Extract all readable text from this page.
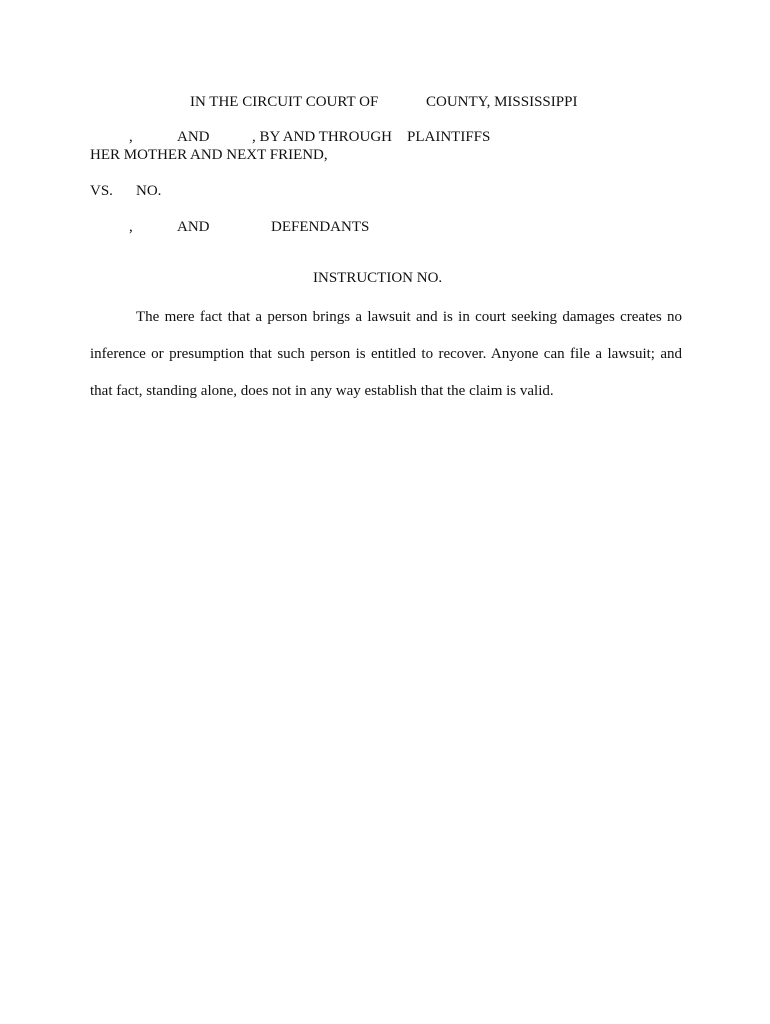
IN THE CIRCUIT COURT OF	COUNTY, MISSISSIPPI
,	AND	, BY AND THROUGH PLAINTIFFS
HER MOTHER AND NEXT FRIEND,
VS. NO.
,	AND	DEFENDANTS
INSTRUCTION NO.
The mere fact that a person brings a lawsuit and is in court seeking damages creates no
inference or presumption that such person is entitled to recover. Anyone can file a lawsuit; and
that fact, standing alone, does not in any way establish that the claim is valid.
